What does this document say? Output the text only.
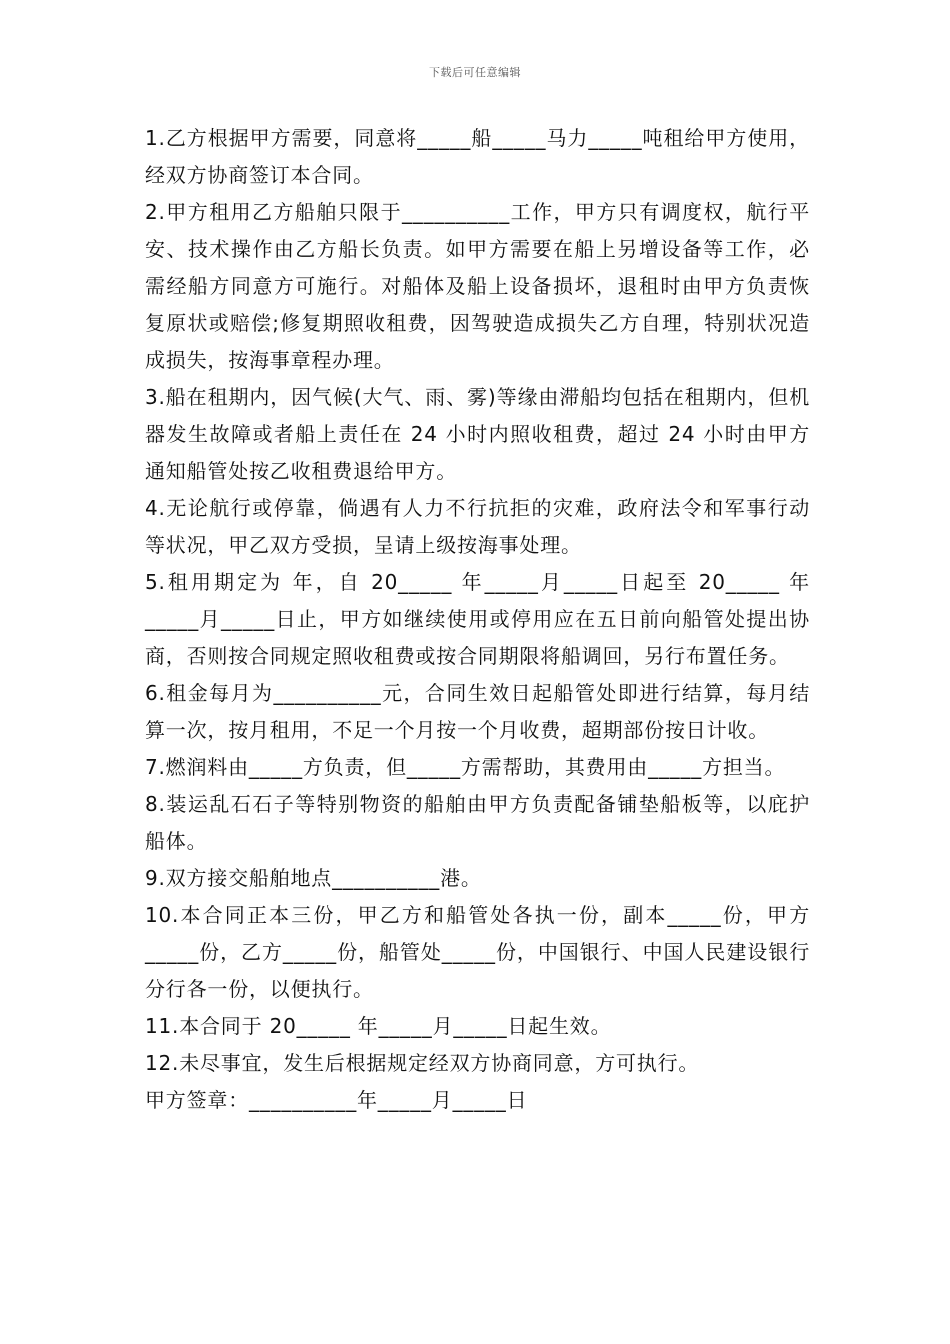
下载后可任意编辑

1.乙方根据甲方需要，同意将_____船_____马力_____吨租给甲方使用，经双方协商签订本合同。

2.甲方租用乙方船舶只限于__________工作，甲方只有调度权，航行平安、技术操作由乙方船长负责。如甲方需要在船上另增设备等工作，必需经船方同意方可施行。对船体及船上设备损坏，退租时由甲方负责恢复原状或赔偿;修复期照收租费，因驾驶造成损失乙方自理，特别状况造成损失，按海事章程办理。

3.船在租期内，因气候(大气、雨、雾)等缘由滞船均包括在租期内，但机器发生故障或者船上责任在 24 小时内照收租费，超过 24 小时由甲方通知船管处按乙收租费退给甲方。

4.无论航行或停靠，倘遇有人力不行抗拒的灾难，政府法令和军事行动等状况，甲乙双方受损，呈请上级按海事处理。

5.租用期定为 年，自 20_____ 年_____月_____日起至 20_____ 年_____月_____日止，甲方如继续使用或停用应在五日前向船管处提出协商，否则按合同规定照收租费或按合同期限将船调回，另行布置任务。

6.租金每月为__________元，合同生效日起船管处即进行结算，每月结算一次，按月租用，不足一个月按一个月收费，超期部份按日计收。

7.燃润料由_____方负责，但_____方需帮助，其费用由_____方担当。

8.装运乱石石子等特别物资的船舶由甲方负责配备铺垫船板等，以庇护船体。

9.双方接交船舶地点__________港。

10.本合同正本三份，甲乙方和船管处各执一份，副本_____份，甲方_____份，乙方_____份，船管处_____份，中国银行、中国人民建设银行分行各一份，以便执行。

11.本合同于 20_____ 年_____月_____日起生效。

12.未尽事宜，发生后根据规定经双方协商同意，方可执行。

甲方签章：__________年_____月_____日
